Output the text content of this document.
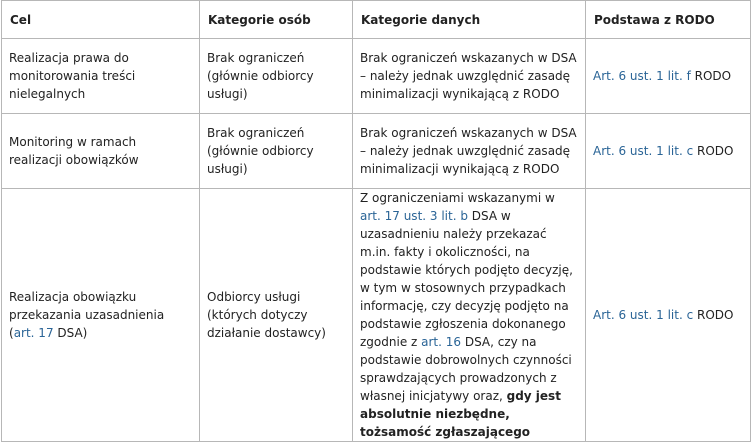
Cel	Kategorie osób	Kategorie danych	Podstawa z RODO
Realizacja prawa do monitorowania treści nielegalnych	Brak ograniczeń (głównie odbiorcy usługi)	Brak ograniczeń wskazanych w DSA – należy jednak uwzględnić zasadę minimalizacji wynikającą z RODO	Art. 6 ust. 1 lit. f RODO
Monitoring w ramach realizacji obowiązków	Brak ograniczeń (głównie odbiorcy usługi)	Brak ograniczeń wskazanych w DSA – należy jednak uwzględnić zasadę minimalizacji wynikającą z RODO	Art. 6 ust. 1 lit. c RODO
Realizacja obowiązku przekazania uzasadnienia (art. 17 DSA)	Odbiorcy usługi (których dotyczy działanie dostawcy)	Z ograniczeniami wskazanymi w art. 17 ust. 3 lit. b DSA w uzasadnieniu należy przekazać m.in. fakty i okoliczności, na podstawie których podjęto decyzję, w tym w stosownych przypadkach informację, czy decyzję podjęto na podstawie zgłoszenia dokonanego zgodnie z art. 16 DSA, czy na podstawie dobrowolnych czynności sprawdzających prowadzonych z własnej inicjatywy oraz, gdy jest absolutnie niezbędne, tożsamość zgłaszającego	Art. 6 ust. 1 lit. c RODO
